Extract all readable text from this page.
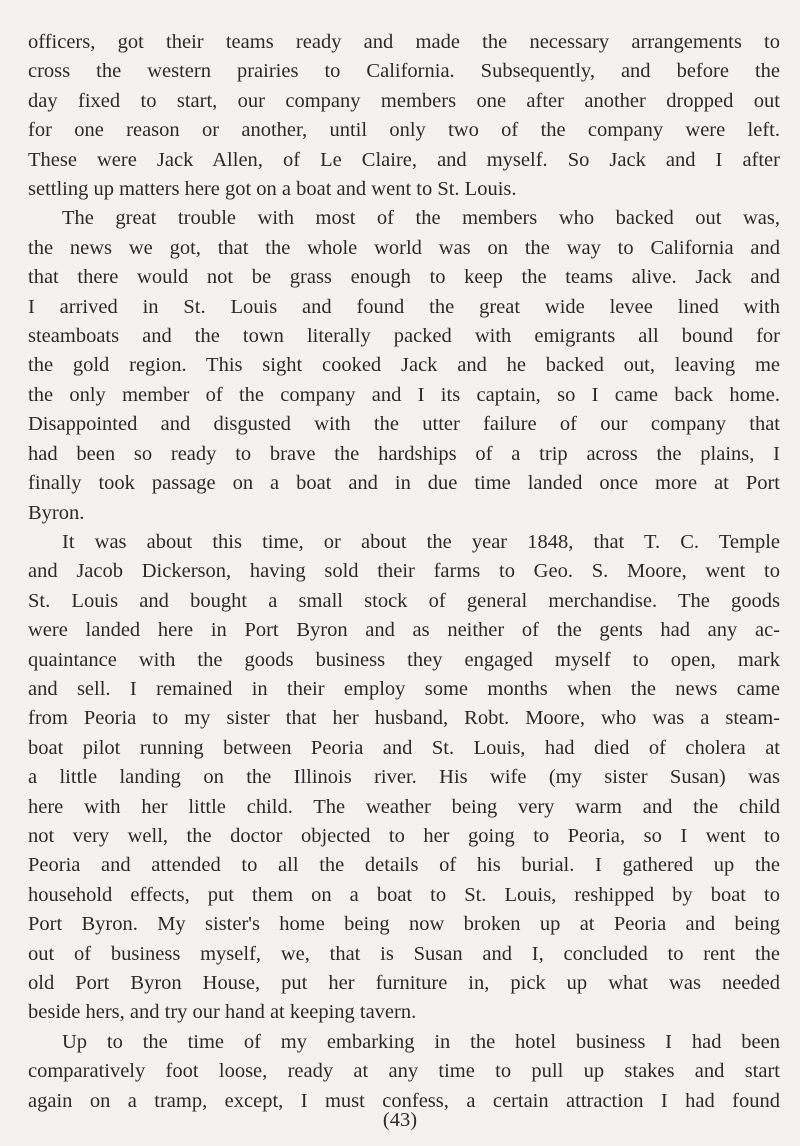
officers, got their teams ready and made the necessary arrangements to
cross the western prairies to California. Subsequently, and before the
day fixed to start, our company members one after another dropped out
for one reason or another, until only two of the company were left.
These were Jack Allen, of Le Claire, and myself. So Jack and I after
settling up matters here got on a boat and went to St. Louis.
The great trouble with most of the members who backed out was,
the news we got, that the whole world was on the way to California and
that there would not be grass enough to keep the teams alive. Jack and
I arrived in St. Louis and found the great wide levee lined with
steamboats and the town literally packed with emigrants all bound for
the gold region. This sight cooked Jack and he backed out, leaving me
the only member of the company and I its captain, so I came back home.
Disappointed and disgusted with the utter failure of our company that
had been so ready to brave the hardships of a trip across the plains, I
finally took passage on a boat and in due time landed once more at Port
Byron.
It was about this time, or about the year 1848, that T. C. Temple
and Jacob Dickerson, having sold their farms to Geo. S. Moore, went to
St. Louis and bought a small stock of general merchandise. The goods
were landed here in Port Byron and as neither of the gents had any ac-
quaintance with the goods business they engaged myself to open, mark
and sell. I remained in their employ some months when the news came
from Peoria to my sister that her husband, Robt. Moore, who was a steam-
boat pilot running between Peoria and St. Louis, had died of cholera at
a little landing on the Illinois river. His wife (my sister Susan) was
here with her little child. The weather being very warm and the child
not very well, the doctor objected to her going to Peoria, so I went to
Peoria and attended to all the details of his burial. I gathered up the
household effects, put them on a boat to St. Louis, reshipped by boat to
Port Byron. My sister's home being now broken up at Peoria and being
out of business myself, we, that is Susan and I, concluded to rent the
old Port Byron House, put her furniture in, pick up what was needed
beside hers, and try our hand at keeping tavern.
Up to the time of my embarking in the hotel business I had been
comparatively foot loose, ready at any time to pull up stakes and start
again on a tramp, except, I must confess, a certain attraction I had found
(43)
